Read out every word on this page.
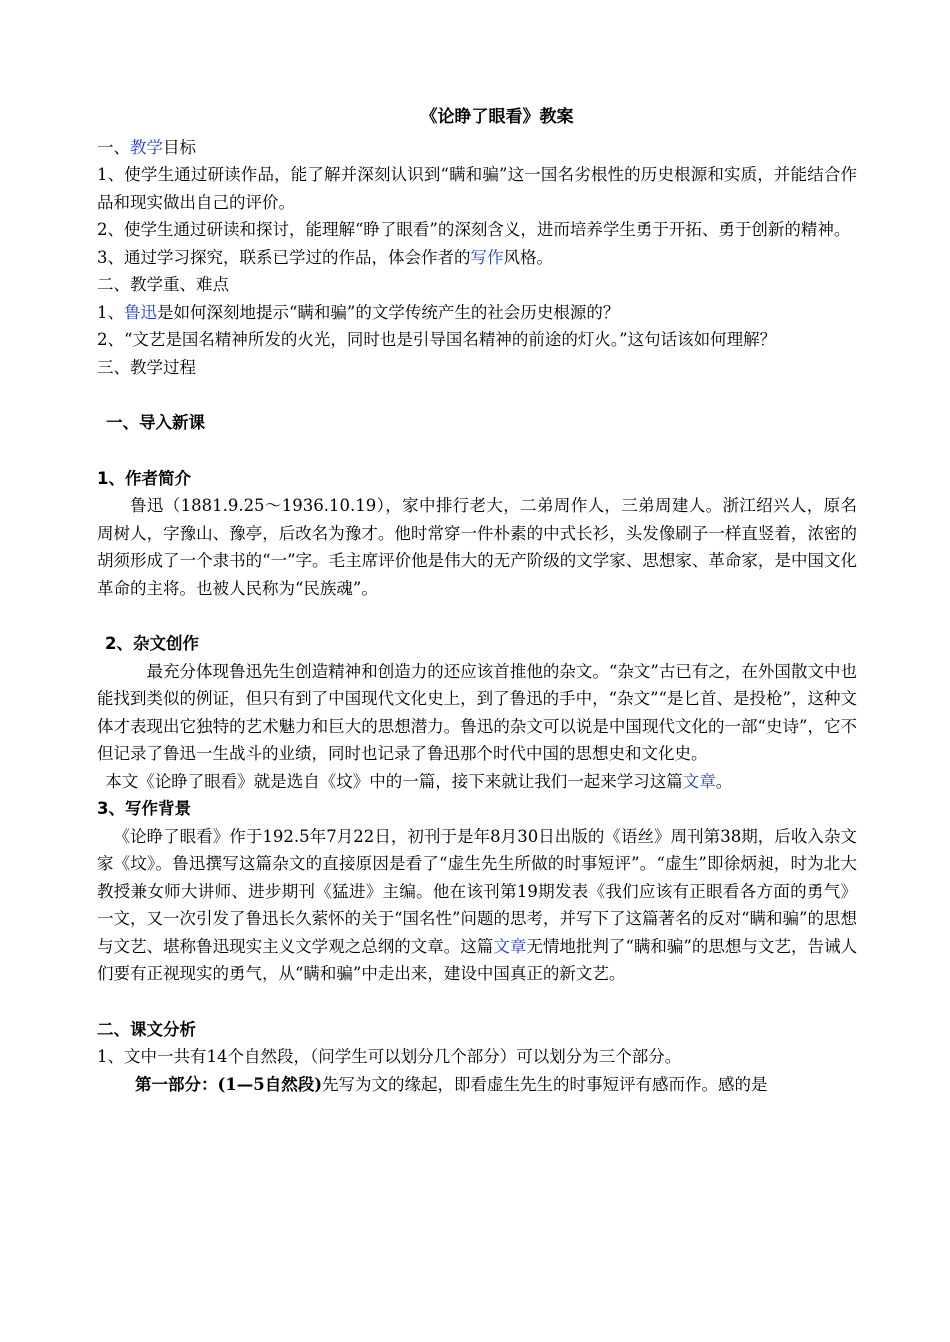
《论睁了眼看》教案

一、教学目标

1、使学生通过研读作品，能了解并深刻认识到“瞒和骗”这一国名劣根性的历史根源和实质，并能结合作品和现实做出自己的评价。

2、使学生通过研读和探讨，能理解“睁了眼看”的深刻含义，进而培养学生勇于开拓、勇于创新的精神。

3、通过学习探究，联系已学过的作品，体会作者的写作风格。

二、教学重、难点

1、鲁迅是如何深刻地提示“瞒和骗”的文学传统产生的社会历史根源的？

2、“文艺是国名精神所发的火光，同时也是引导国名精神的前途的灯火。”这句话该如何理解？

三、教学过程

一、导入新课

1、作者简介

鲁迅（1881.9.25～1936.10.19），家中排行老大，二弟周作人，三弟周建人。浙江绍兴人，原名周树人，字豫山、豫亭，后改名为豫才。他时常穿一件朴素的中式长衫，头发像刷子一样直竖着，浓密的胡须形成了一个隶书的“一”字。毛主席评价他是伟大的无产阶级的文学家、思想家、革命家，是中国文化革命的主将。也被人民称为“民族魂”。

2、杂文创作

最充分体现鲁迅先生创造精神和创造力的还应该首推他的杂文。“杂文”古已有之，在外国散文中也能找到类似的例证，但只有到了中国现代文化史上，到了鲁迅的手中，“杂文”“是匕首、是投枪”，这种文体才表现出它独特的艺术魅力和巨大的思想潜力。鲁迅的杂文可以说是中国现代文化的一部“史诗”，它不但记录了鲁迅一生战斗的业绩，同时也记录了鲁迅那个时代中国的思想史和文化史。

本文《论睁了眼看》就是选自《坟》中的一篇，接下来就让我们一起来学习这篇文章。

3、写作背景

《论睁了眼看》作于192.5年7月22日，初刊于是年8月30日出版的《语丝》周刊第38期，后收入杂文家《坟》。鲁迅撰写这篇杂文的直接原因是看了“虚生先生所做的时事短评”。“虚生”即徐炳昶，时为北大教授兼女师大讲师、进步期刊《猛进》主编。他在该刊第19期发表《我们应该有正眼看各方面的勇气》一文，又一次引发了鲁迅长久萦怀的关于“国名性”问题的思考，并写下了这篇著名的反对“瞒和骗”的思想与文艺、堪称鲁迅现实主义文学观之总纲的文章。这篇文章无情地批判了“瞒和骗”的思想与文艺，告诫人们要有正视现实的勇气，从“瞒和骗”中走出来，建设中国真正的新文艺。

二、课文分析

1、文中一共有14个自然段，（问学生可以划分几个部分）可以划分为三个部分。

第一部分：(1—5自然段)先写为文的缘起，即看虚生先生的时事短评有感而作。感的是
